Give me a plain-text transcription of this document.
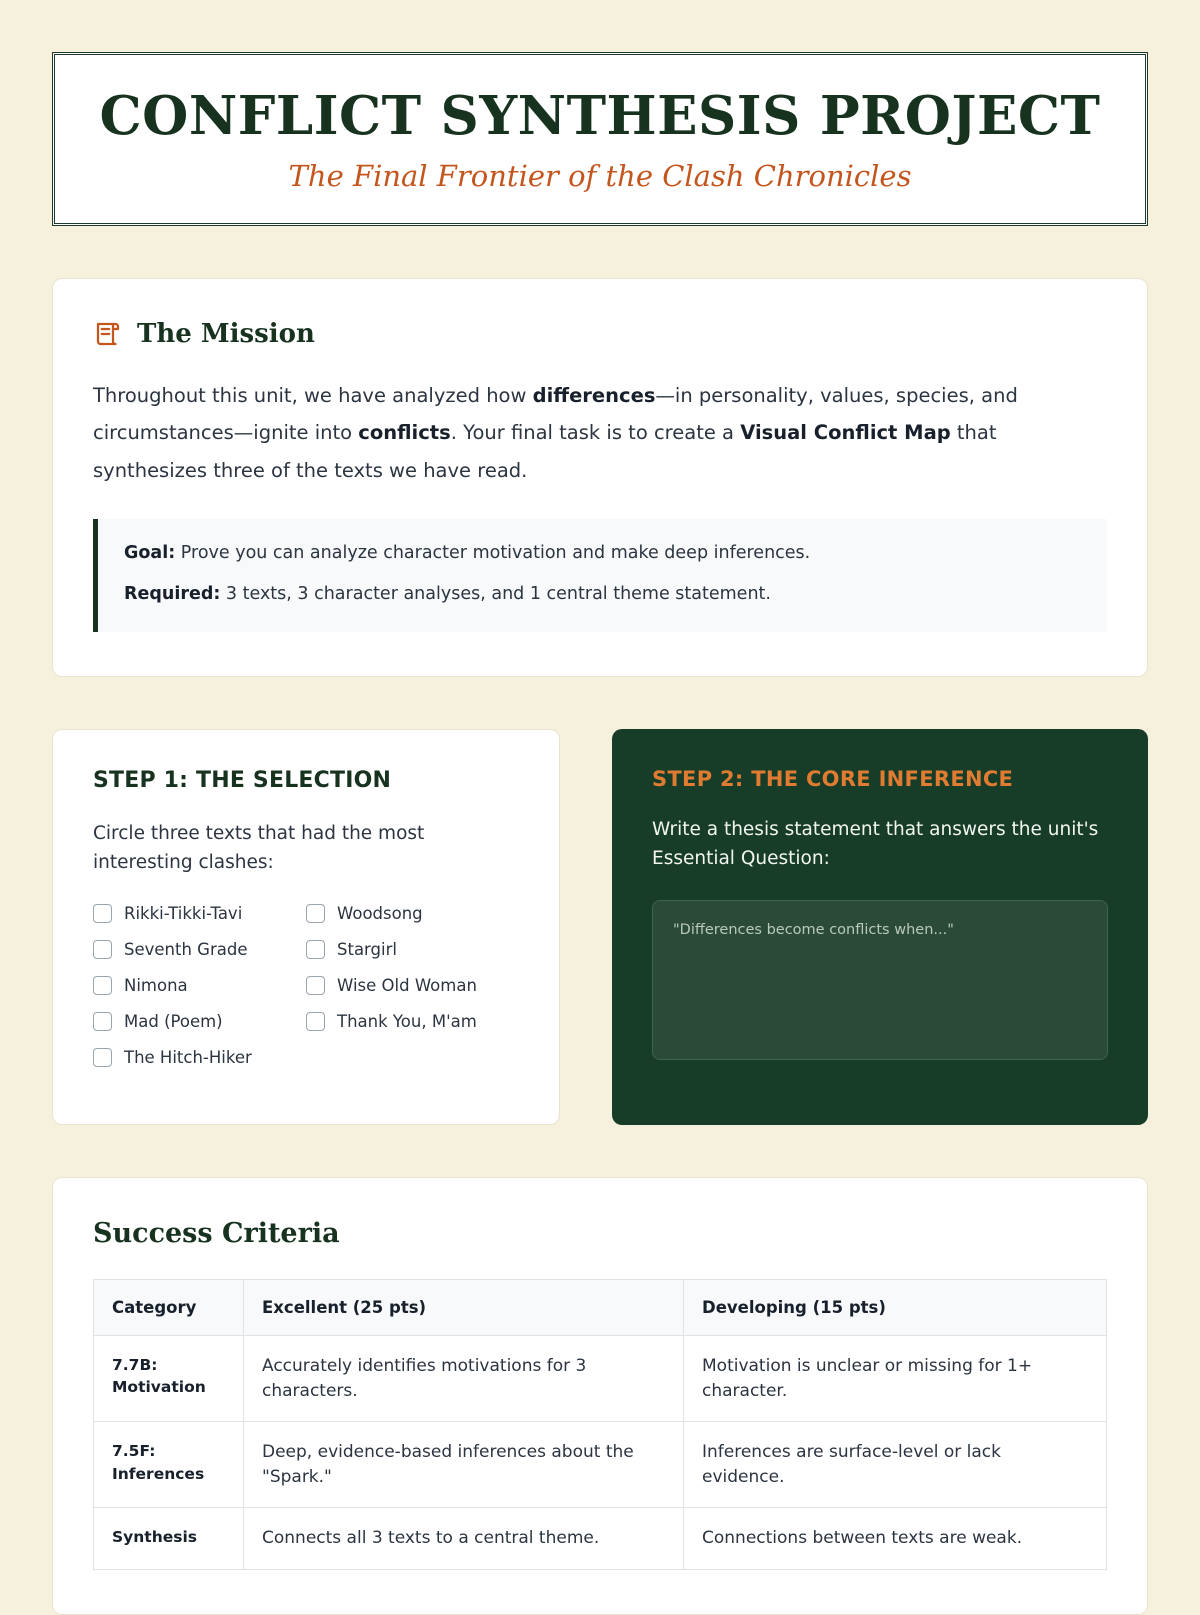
CONFLICT SYNTHESIS PROJECT
The Final Frontier of the Clash Chronicles
The Mission
Throughout this unit, we have analyzed how differences—in personality, values, species, and circumstances—ignite into conflicts. Your final task is to create a Visual Conflict Map that synthesizes three of the texts we have read.

Goal: Prove you can analyze character motivation and make deep inferences.

Required: 3 texts, 3 character analyses, and 1 central theme statement.

STEP 1: THE SELECTION
Circle three texts that had the most interesting clashes:
Rikki-Tikki-Tavi
Seventh Grade
Nimona
Mad (Poem)
The Hitch-Hiker
Woodsong
Stargirl
Wise Old Woman
Thank You, M'am
STEP 2: THE CORE INFERENCE
Write a thesis statement that answers the unit's Essential Question:
"Differences become conflicts when..."
Success Criteria
Category	Excellent (25 pts)	Developing (15 pts)
7.7B: Motivation	Accurately identifies motivations for 3 characters.	Motivation is unclear or missing for 1+ character.
7.5F: Inferences	Deep, evidence-based inferences about the "Spark."	Inferences are surface-level or lack evidence.
Synthesis	Connects all 3 texts to a central theme.	Connections between texts are weak.
